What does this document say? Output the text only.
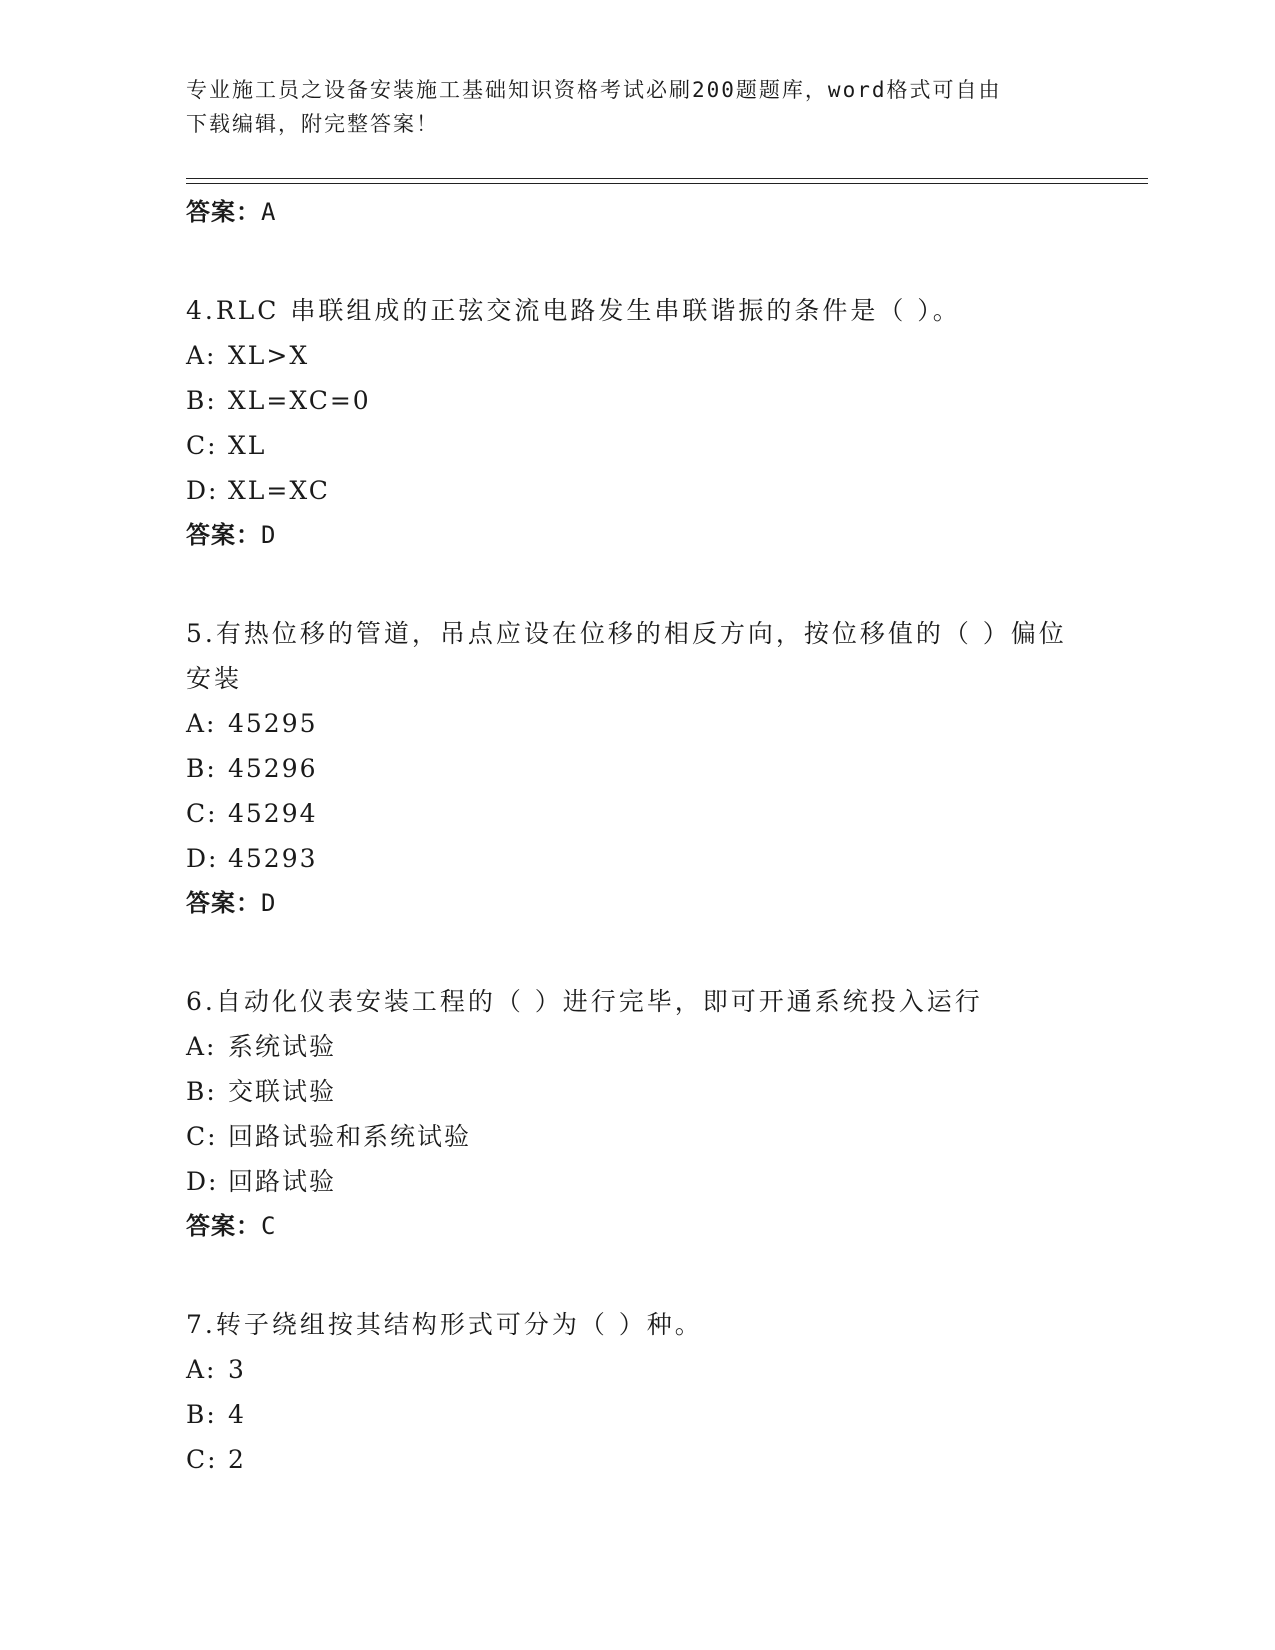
专业施工员之设备安装施工基础知识资格考试必刷200题题库，word格式可自由
下载编辑，附完整答案！
答案：A
4.RLC 串联组成的正弦交流电路发生串联谐振的条件是（ ）。
A: XL>X
B: XL=XC=0
C: XL
D: XL=XC
答案：D
5.有热位移的管道，吊点应设在位移的相反方向，按位移值的（ ）偏位安装
A: 45295
B: 45296
C: 45294
D: 45293
答案：D
6.自动化仪表安装工程的（ ）进行完毕，即可开通系统投入运行
A: 系统试验
B: 交联试验
C: 回路试验和系统试验
D: 回路试验
答案：C
7.转子绕组按其结构形式可分为（ ）种。
A: 3
B: 4
C: 2
